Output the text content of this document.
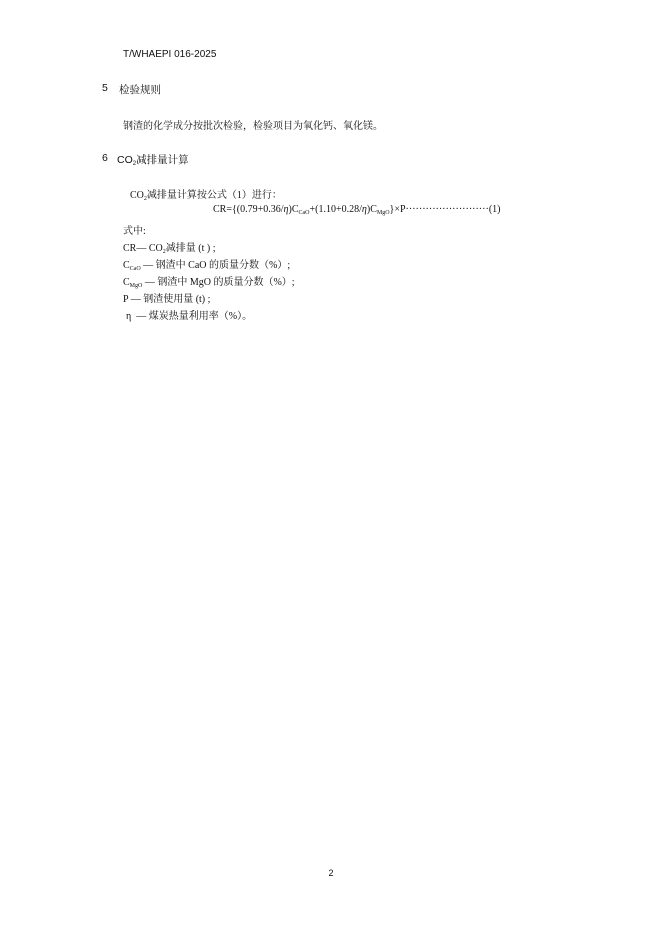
T/WHAEPI 016-2025
5 检验规则
钢渣的化学成分按批次检验，检验项目为氧化钙、氧化镁。
6 $CO_2$减排量计算
$CO_2$减排量计算按公式（1）进行：
$CR=\{(0.79+0.36/\eta)C_{CaO}+(1.10+0.28/\eta)C_{MgO}\}\times P\cdot\cdot\cdot\cdot\cdot\cdot\cdot\cdot\cdot\cdot\cdot\cdot\cdot\cdot\cdot\cdot\cdot\cdot\cdot\cdot\cdot\cdot\cdot\cdot\cdot(1)$
式中:
CR— $CO_2$减排量 (t ) ;
$C_{CaO}$ — 钢渣中 CaO 的质量分数（%）;
$C_{MgO}$ — 钢渣中 MgO 的质量分数（%）;
P — 钢渣使用量 (t) ;
η  — 煤炭热量利用率（%）。
2
